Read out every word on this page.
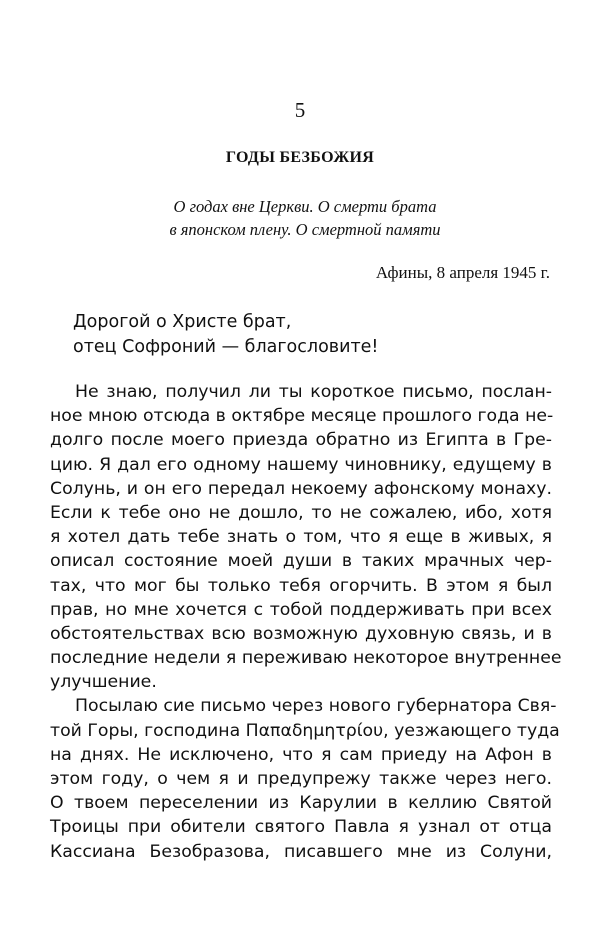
5
ГОДЫ БЕЗБОЖИЯ
О годах вне Церкви. О смерти брата
в японском плену. О смертной памяти
Афины, 8 апреля 1945 г.
Дорогой о Христе брат,
отец Софроний — благословите!
Не знаю, получил ли ты короткое письмо, послан-
ное мною отсюда в октябре месяце прошлого года не-
долго после моего приезда обратно из Египта в Гре-
цию. Я дал его одному нашему чиновнику, едущему в
Солунь, и он его передал некоему афонскому монаху.
Если к тебе оно не дошло, то не сожалею, ибо, хотя
я хотел дать тебе знать о том, что я еще в живых, я
описал состояние моей души в таких мрачных чер-
тах, что мог бы только тебя огорчить. В этом я был
прав, но мне хочется с тобой поддерживать при всех
обстоятельствах всю возможную духовную связь, и в
последние недели я переживаю некоторое внутреннее
улучшение.
Посылаю сие письмо через нового губернатора Свя-
той Горы, господина Παπαδημητρίου, уезжающего туда
на днях. Не исключено, что я сам приеду на Афон в
этом году, о чем я и предупрежу также через него.
О твоем переселении из Карулии в келлию Святой
Троицы при обители святого Павла я узнал от отца
Кассиана Безобразова, писавшего мне из Солуни,
